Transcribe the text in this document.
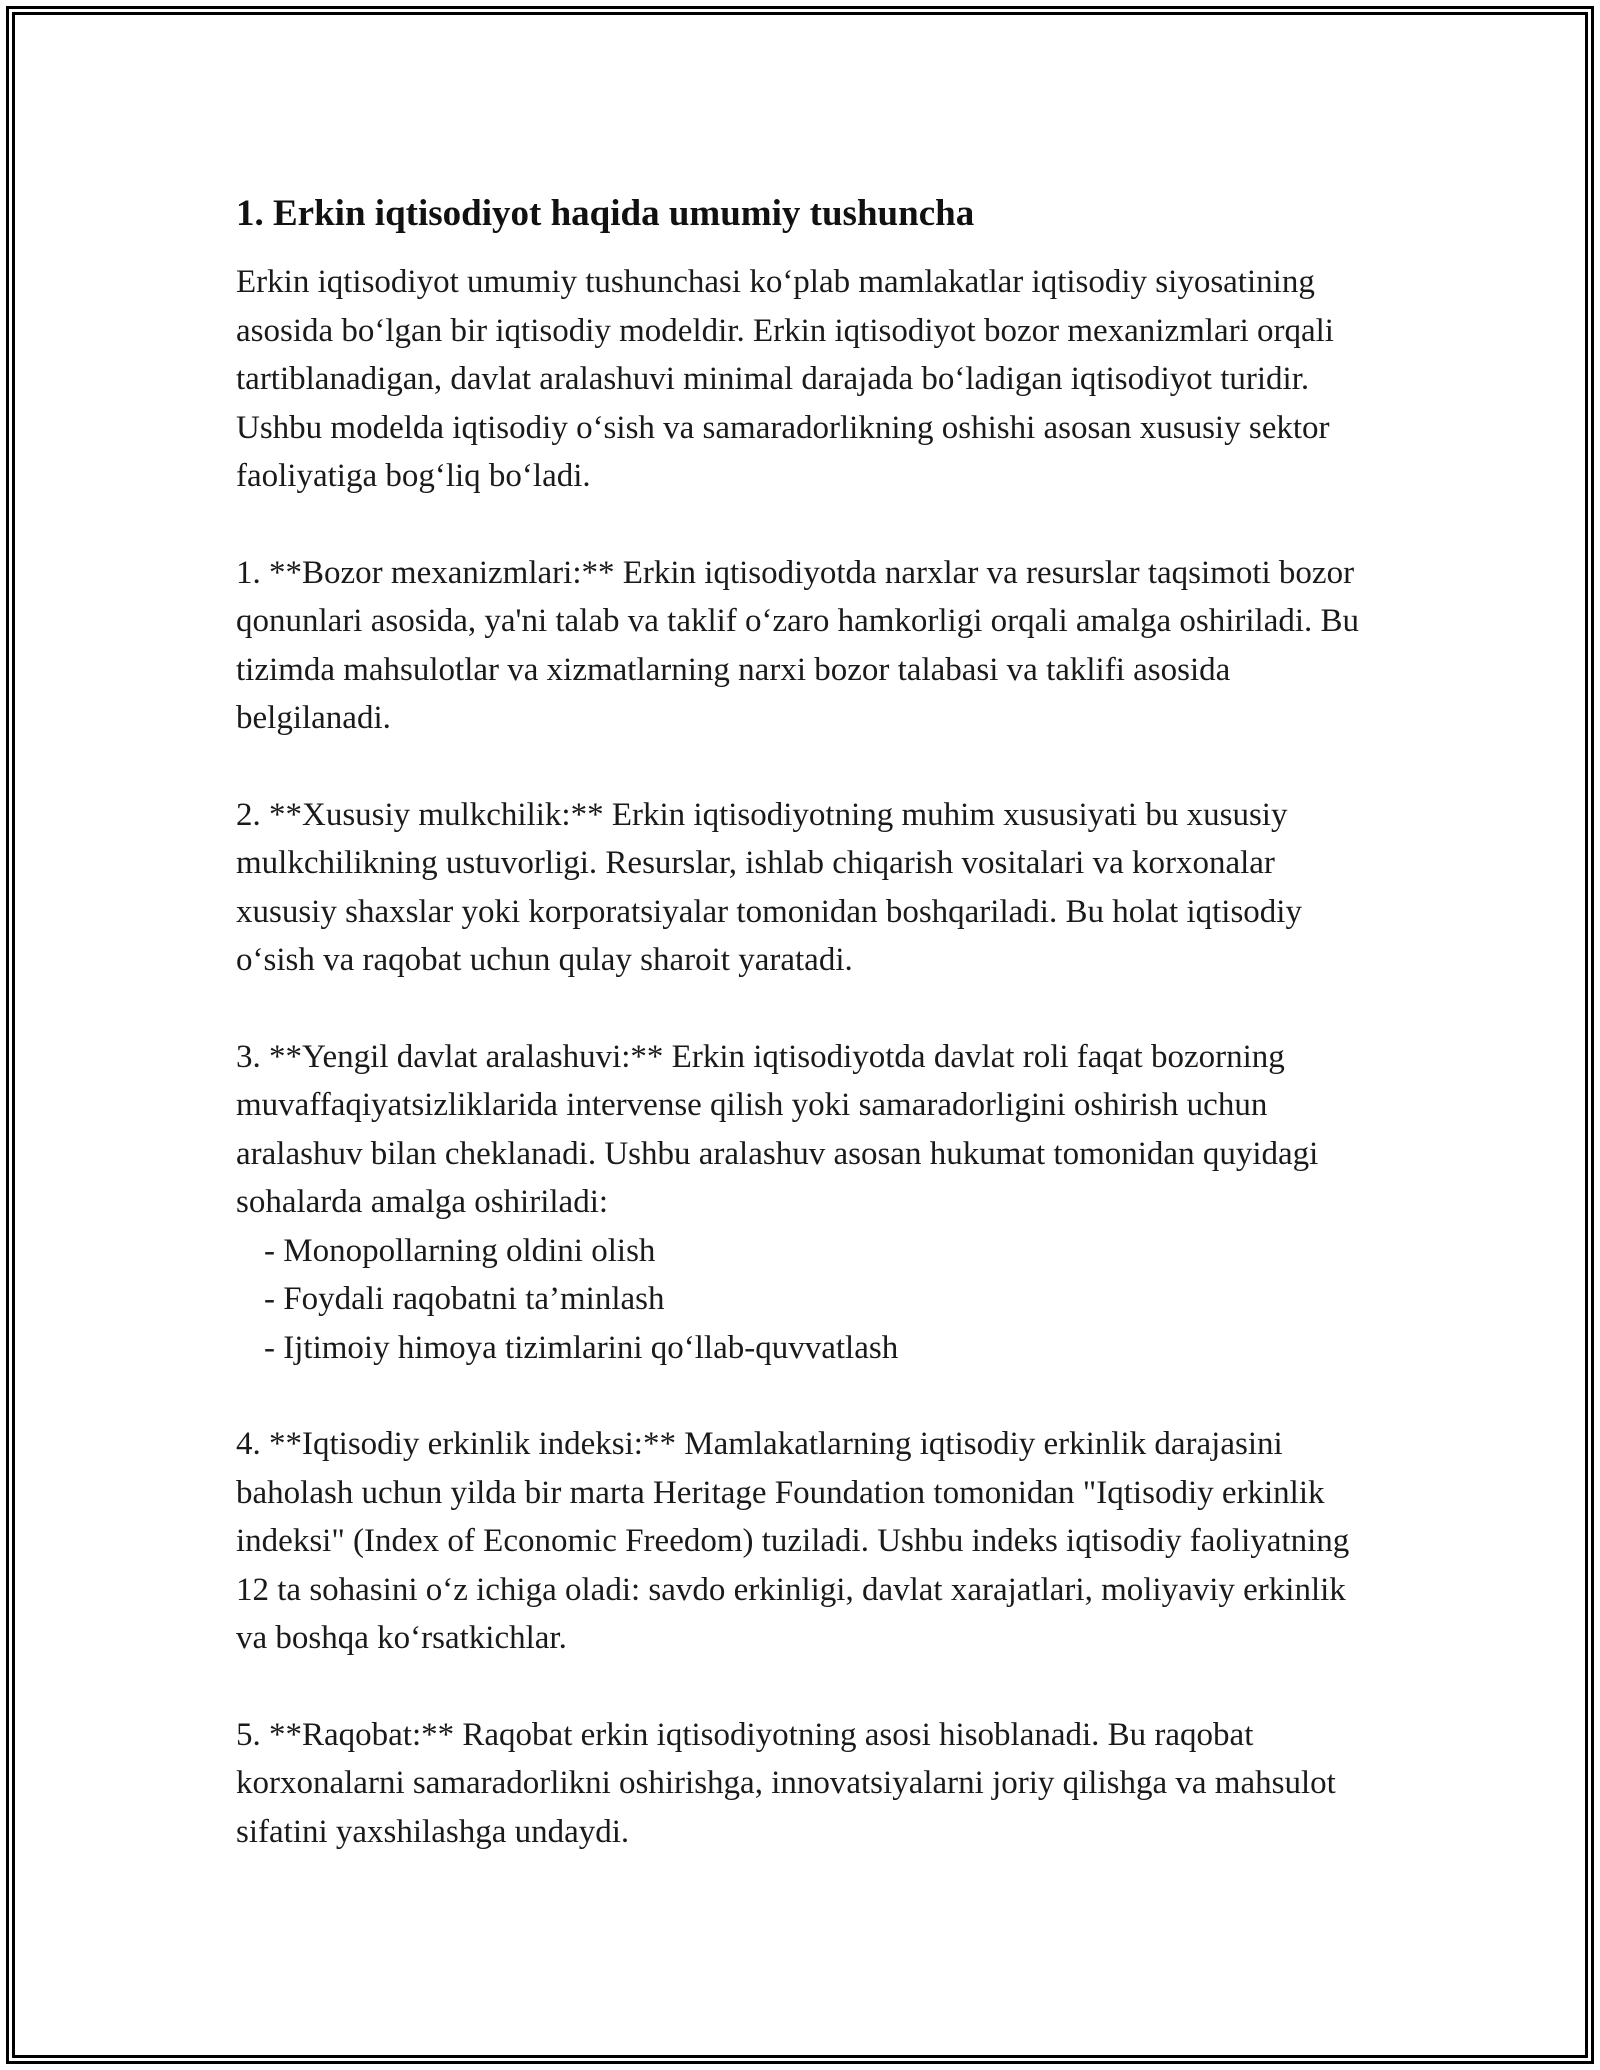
1. Erkin iqtisodiyot haqida umumiy tushuncha

Erkin iqtisodiyot umumiy tushunchasi ko‘plab mamlakatlar iqtisodiy siyosatining asosida bo‘lgan bir iqtisodiy modeldir. Erkin iqtisodiyot bozor mexanizmlari orqali tartiblanadigan, davlat aralashuvi minimal darajada bo‘ladigan iqtisodiyot turidir. Ushbu modelda iqtisodiy o‘sish va samaradorlikning oshishi asosan xususiy sektor faoliyatiga bog‘liq bo‘ladi.

1. **Bozor mexanizmlari:** Erkin iqtisodiyotda narxlar va resurslar taqsimoti bozor qonunlari asosida, ya'ni talab va taklif o‘zaro hamkorligi orqali amalga oshiriladi. Bu tizimda mahsulotlar va xizmatlarning narxi bozor talabasi va taklifi asosida belgilanadi.

2. **Xususiy mulkchilik:** Erkin iqtisodiyotning muhim xususiyati bu xususiy mulkchilikning ustuvorligi. Resurslar, ishlab chiqarish vositalari va korxonalar xususiy shaxslar yoki korporatsiyalar tomonidan boshqariladi. Bu holat iqtisodiy o‘sish va raqobat uchun qulay sharoit yaratadi.

3. **Yengil davlat aralashuvi:** Erkin iqtisodiyotda davlat roli faqat bozorning muvaffaqiyatsizliklarida intervense qilish yoki samaradorligini oshirish uchun aralashuv bilan cheklanadi. Ushbu aralashuv asosan hukumat tomonidan quyidagi sohalarda amalga oshiriladi:

- Monopollarning oldini olish
- Foydali raqobatni ta’minlash
- Ijtimoiy himoya tizimlarini qo‘llab-quvvatlash

4. **Iqtisodiy erkinlik indeksi:** Mamlakatlarning iqtisodiy erkinlik darajasini baholash uchun yilda bir marta Heritage Foundation tomonidan "Iqtisodiy erkinlik indeksi" (Index of Economic Freedom) tuziladi. Ushbu indeks iqtisodiy faoliyatning 12 ta sohasini o‘z ichiga oladi: savdo erkinligi, davlat xarajatlari, moliyaviy erkinlik va boshqa ko‘rsatkichlar.

5. **Raqobat:** Raqobat erkin iqtisodiyotning asosi hisoblanadi. Bu raqobat korxonalarni samaradorlikni oshirishga, innovatsiyalarni joriy qilishga va mahsulot sifatini yaxshilashga undaydi.
